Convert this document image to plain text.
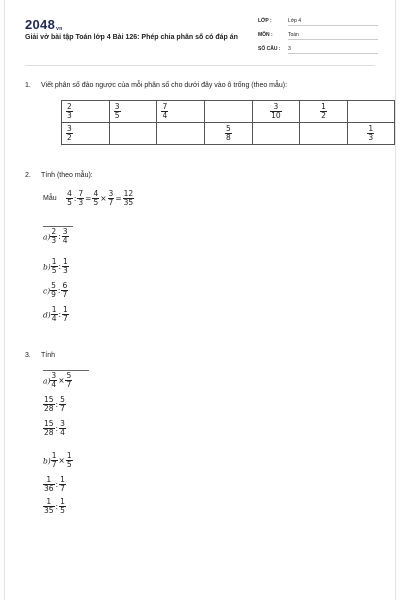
2048vn
Giải vở bài tập Toán lớp 4 Bài 126: Phép chia phân số có đáp án
LỚP :	Lớp 4
MÔN :	Toán
SỐ CÂU : 3
1. Viết phân số đảo ngược của mỗi phân số cho dưới đây vào ô trống (theo mẫu):
$\frac{2}{3}$	$\frac{3}{5}$	$\frac{7}{4}$		$\frac{3}{10}$	$\frac{1}{2}$

$\frac{3}{2}$			$\frac{5}{8}$			$\frac{1}{3}$
2. Tính (theo mẫu):
Mẫu $\frac{4}{5}$ : $\frac{7}{3} = \frac{4}{5} \times \frac{3}{7} = \frac{12}{35}$
$a) \frac{2}{3}$ : $\frac{3}{4}$
$b) \frac{1}{5}$ : $\frac{1}{3}$
$c) \frac{5}{9}$ : $\frac{6}{7}$
$d) \frac{1}{4}$ : $\frac{1}{7}$
3. Tính
$a) \frac{3}{4} \times \frac{5}{7}$
$\frac{15}{28}$ : $\frac{5}{7}$
$\frac{15}{28}$ : $\frac{3}{4}$
$b) \frac{1}{7} \times \frac{1}{5}$
$\frac{1}{36}$ : $\frac{1}{7}$
$\frac{1}{35}$ : $\frac{1}{5}$
